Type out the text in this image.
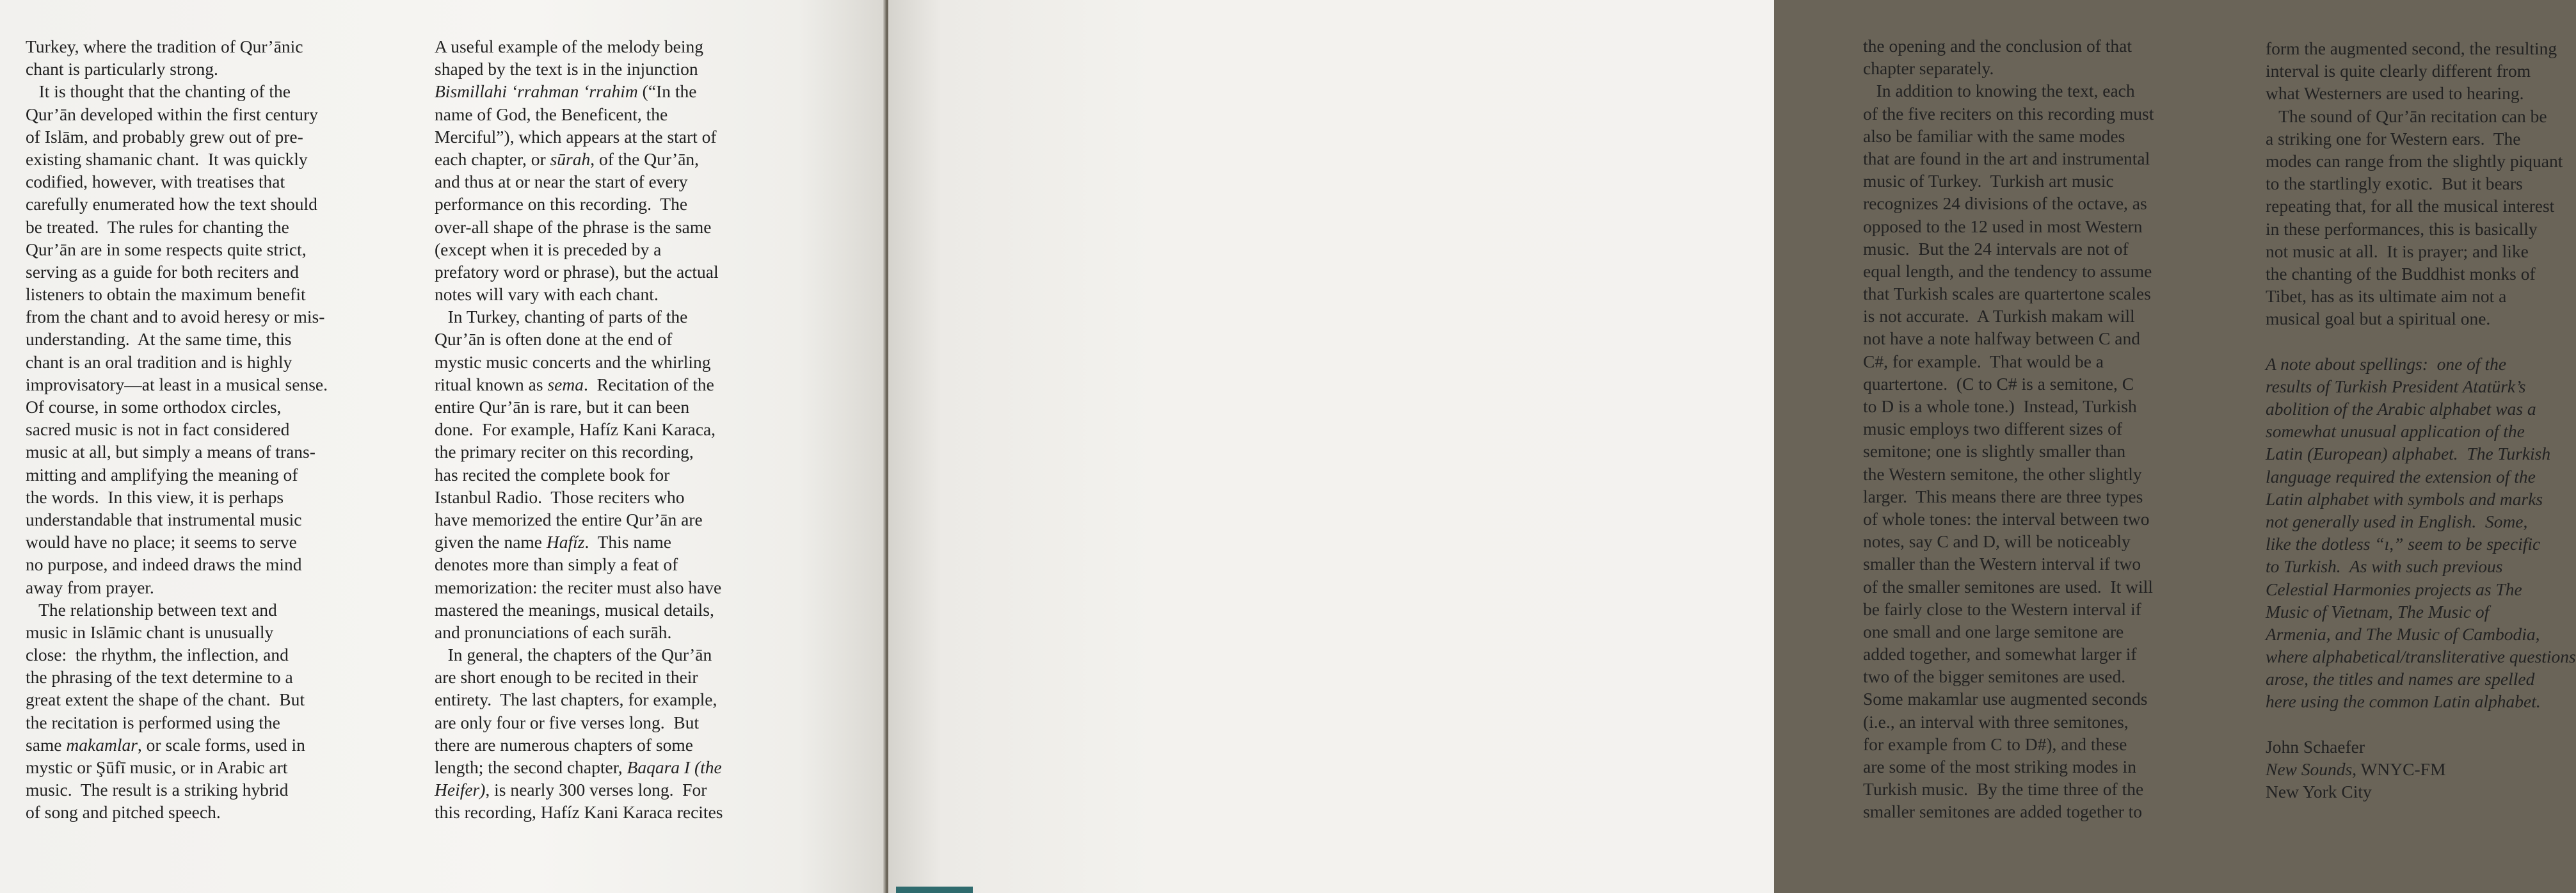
Turkey, where the tradition of Qur’ānic
chant is particularly strong.
It is thought that the chanting of the
Qur’ān developed within the first century
of Islām, and probably grew out of pre-
existing shamanic chant.  It was quickly
codified, however, with treatises that
carefully enumerated how the text should
be treated.  The rules for chanting the
Qur’ān are in some respects quite strict,
serving as a guide for both reciters and
listeners to obtain the maximum benefit
from the chant and to avoid heresy or mis-
understanding.  At the same time, this
chant is an oral tradition and is highly
improvisatory—at least in a musical sense.
Of course, in some orthodox circles,
sacred music is not in fact considered
music at all, but simply a means of trans-
mitting and amplifying the meaning of
the words.  In this view, it is perhaps
understandable that instrumental music
would have no place; it seems to serve
no purpose, and indeed draws the mind
away from prayer.
The relationship between text and
music in Islāmic chant is unusually
close:  the rhythm, the inflection, and
the phrasing of the text determine to a
great extent the shape of the chant.  But
the recitation is performed using the
same makamlar, or scale forms, used in
mystic or Şūfī music, or in Arabic art
music.  The result is a striking hybrid
of song and pitched speech.
A useful example of the melody being
shaped by the text is in the injunction
Bismillahi ‘rrahman ‘rrahim (“In the
name of God, the Beneficent, the
Merciful”), which appears at the start of
each chapter, or sūrah, of the Qur’ān,
and thus at or near the start of every
performance on this recording.  The
over-all shape of the phrase is the same
(except when it is preceded by a
prefatory word or phrase), but the actual
notes will vary with each chant.
In Turkey, chanting of parts of the
Qur’ān is often done at the end of
mystic music concerts and the whirling
ritual known as sema.  Recitation of the
entire Qur’ān is rare, but it can been
done.  For example, Hafíz Kani Karaca,
the primary reciter on this recording,
has recited the complete book for
Istanbul Radio.  Those reciters who
have memorized the entire Qur’ān are
given the name Hafíz.  This name
denotes more than simply a feat of
memorization: the reciter must also have
mastered the meanings, musical details,
and pronunciations of each surāh.
In general, the chapters of the Qur’ān
are short enough to be recited in their
entirety.  The last chapters, for example,
are only four or five verses long.  But
there are numerous chapters of some
length; the second chapter, Baqara I (the
Heifer), is nearly 300 verses long.  For
this recording, Hafíz Kani Karaca recites
the opening and the conclusion of that
chapter separately.
In addition to knowing the text, each
of the five reciters on this recording must
also be familiar with the same modes
that are found in the art and instrumental
music of Turkey.  Turkish art music
recognizes 24 divisions of the octave, as
opposed to the 12 used in most Western
music.  But the 24 intervals are not of
equal length, and the tendency to assume
that Turkish scales are quartertone scales
is not accurate.  A Turkish makam will
not have a note halfway between C and
C#, for example.  That would be a
quartertone.  (C to C# is a semitone, C
to D is a whole tone.)  Instead, Turkish
music employs two different sizes of
semitone; one is slightly smaller than
the Western semitone, the other slightly
larger.  This means there are three types
of whole tones: the interval between two
notes, say C and D, will be noticeably
smaller than the Western interval if two
of the smaller semitones are used.  It will
be fairly close to the Western interval if
one small and one large semitone are
added together, and somewhat larger if
two of the bigger semitones are used.
Some makamlar use augmented seconds
(i.e., an interval with three semitones,
for example from C to D#), and these
are some of the most striking modes in
Turkish music.  By the time three of the
smaller semitones are added together to
form the augmented second, the resulting
interval is quite clearly different from
what Westerners are used to hearing.
The sound of Qur’ān recitation can be
a striking one for Western ears.  The
modes can range from the slightly piquant
to the startlingly exotic.  But it bears
repeating that, for all the musical interest
in these performances, this is basically
not music at all.  It is prayer; and like
the chanting of the Buddhist monks of
Tibet, has as its ultimate aim not a
musical goal but a spiritual one.

A note about spellings:  one of the
results of Turkish President Atatürk’s
abolition of the Arabic alphabet was a
somewhat unusual application of the
Latin (European) alphabet.  The Turkish
language required the extension of the
Latin alphabet with symbols and marks
not generally used in English.  Some,
like the dotless “ı,” seem to be specific
to Turkish.  As with such previous
Celestial Harmonies projects as The
Music of Vietnam, The Music of
Armenia, and The Music of Cambodia,
where alphabetical/transliterative questions
arose, the titles and names are spelled
here using the common Latin alphabet.

John Schaefer
New Sounds, WNYC-FM
New York City
